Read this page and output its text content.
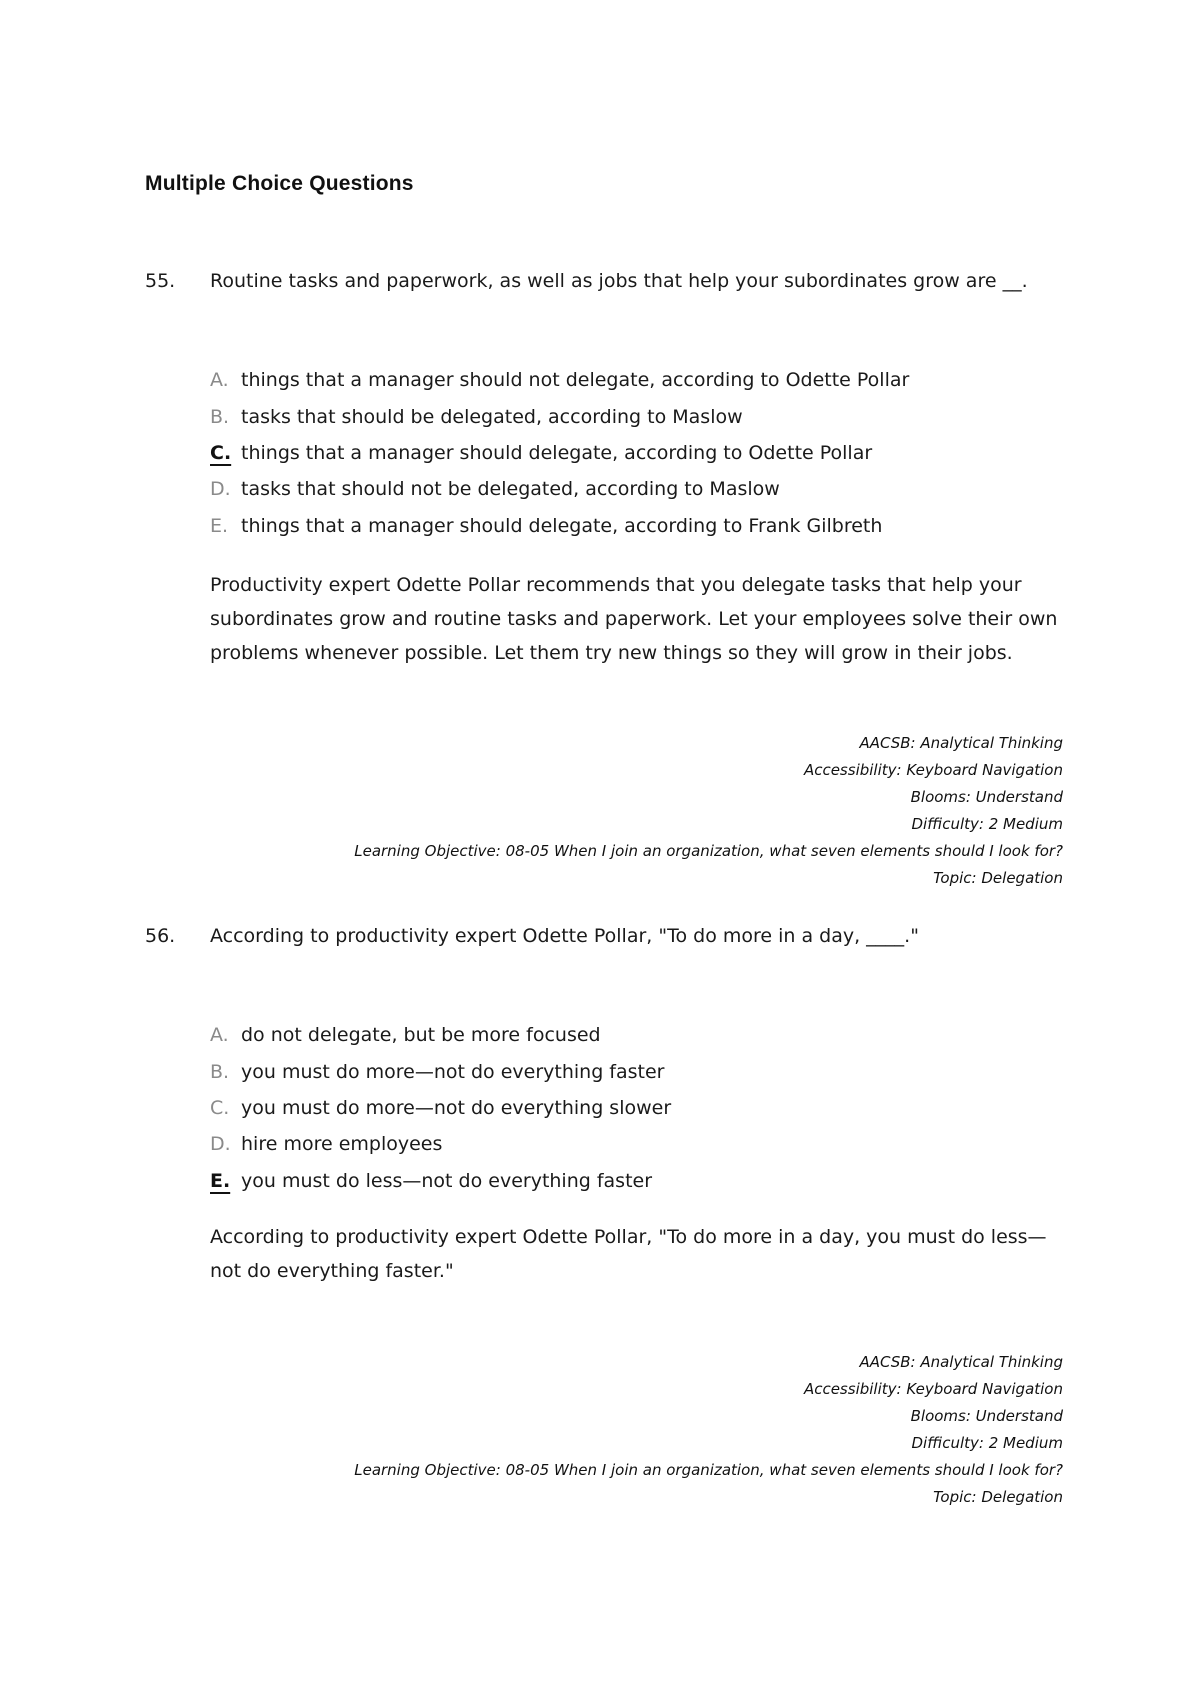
Multiple Choice Questions
55. Routine tasks and paperwork, as well as jobs that help your subordinates grow are __.
A. things that a manager should not delegate, according to Odette Pollar
B. tasks that should be delegated, according to Maslow
C. things that a manager should delegate, according to Odette Pollar
D. tasks that should not be delegated, according to Maslow
E. things that a manager should delegate, according to Frank Gilbreth
Productivity expert Odette Pollar recommends that you delegate tasks that help your subordinates grow and routine tasks and paperwork. Let your employees solve their own problems whenever possible. Let them try new things so they will grow in their jobs.
AACSB: Analytical Thinking
Accessibility: Keyboard Navigation
Blooms: Understand
Difficulty: 2 Medium
Learning Objective: 08-05 When I join an organization, what seven elements should I look for?
Topic: Delegation
56. According to productivity expert Odette Pollar, "To do more in a day, ____."
A. do not delegate, but be more focused
B. you must do more—not do everything faster
C. you must do more—not do everything slower
D. hire more employees
E. you must do less—not do everything faster
According to productivity expert Odette Pollar, "To do more in a day, you must do less—not do everything faster."
AACSB: Analytical Thinking
Accessibility: Keyboard Navigation
Blooms: Understand
Difficulty: 2 Medium
Learning Objective: 08-05 When I join an organization, what seven elements should I look for?
Topic: Delegation
